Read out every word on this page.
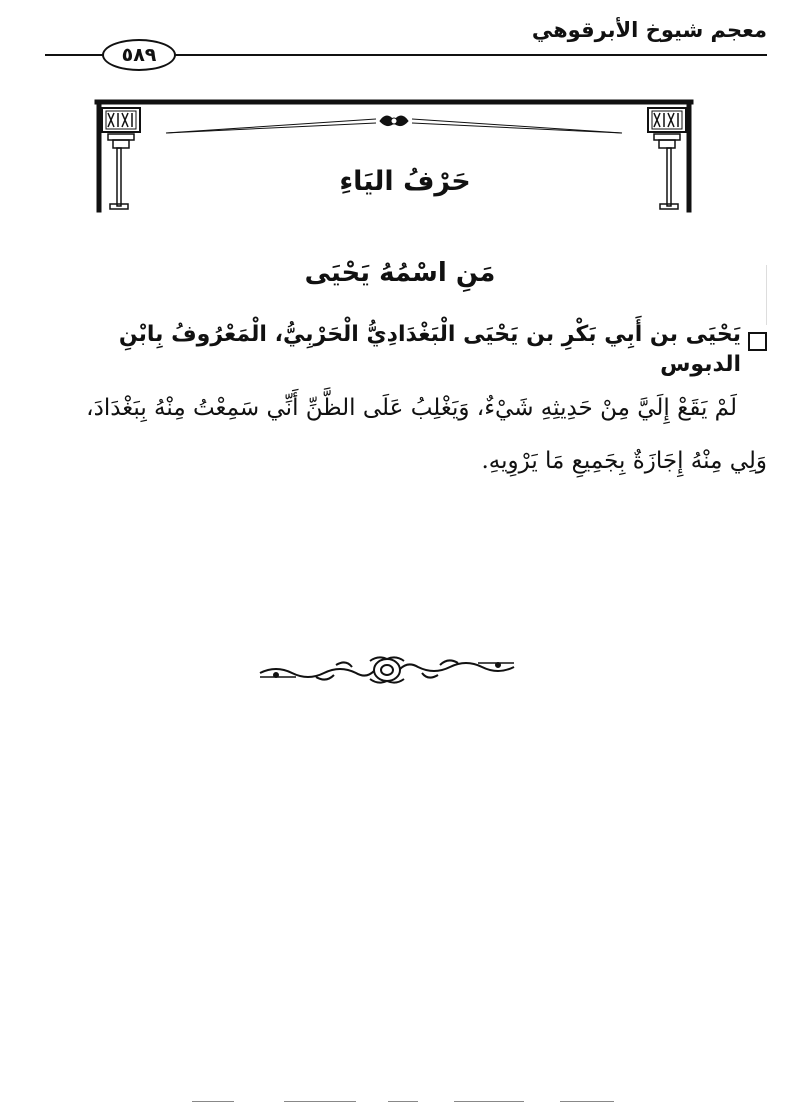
معجم شيوخ الأبرقوهي
٥٨٩
حَرْفُ اليَاءِ
مَنِ اسْمُهُ يَحْيَى
يَحْيَى بن أَبِي بَكْرِ بن يَحْيَى الْبَغْدَادِيُّ الْحَرْبِيُّ، الْمَعْرُوفُ بِابْنِ الدبوس
لَمْ يَقَعْ إِلَيَّ مِنْ حَدِيثِهِ شَيْءٌ، وَيَغْلِبُ عَلَى الظَّنِّ أَنِّي سَمِعْتُ مِنْهُ بِبَغْدَادَ،
وَلِي مِنْهُ إِجَازَةٌ بِجَمِيعِ مَا يَرْوِيهِ.
